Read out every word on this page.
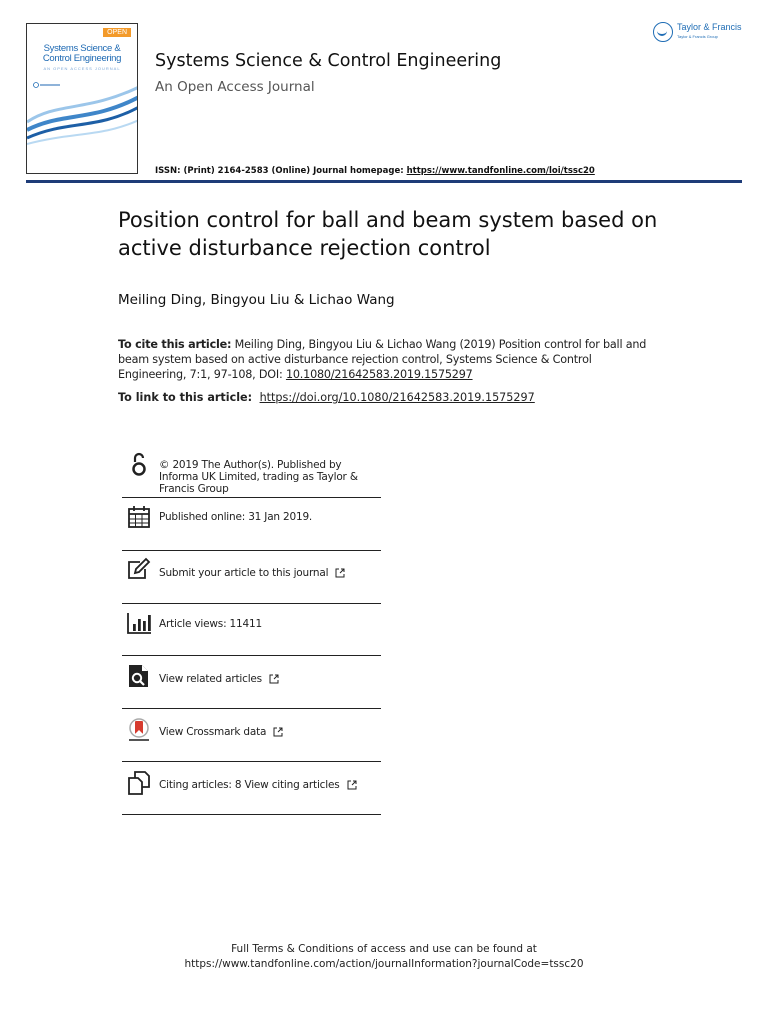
OPEN
Systems Science &
Control Engineering
AN OPEN ACCESS JOURNAL	Systems Science & Control Engineering
An Open Access Journal
ISSN: (Print) 2164-2583 (Online) Journal homepage: https://www.tandfonline.com/loi/tssc20
Taylor & Francis
Taylor & Francis Group
Position control for ball and beam system based on active disturbance rejection control
Meiling Ding, Bingyou Liu & Lichao Wang
To cite this article: Meiling Ding, Bingyou Liu & Lichao Wang (2019) Position control for ball and beam system based on active disturbance rejection control, Systems Science & Control Engineering, 7:1, 97-108, DOI: 10.1080/21642583.2019.1575297
To link to this article:  https://doi.org/10.1080/21642583.2019.1575297
© 2019 The Author(s). Published by Informa UK Limited, trading as Taylor & Francis Group
Published online: 31 Jan 2019.
Submit your article to this journal
Article views: 11411
View related articles
View Crossmark data
Citing articles: 8 View citing articles
Full Terms & Conditions of access and use can be found at
https://www.tandfonline.com/action/journalInformation?journalCode=tssc20
